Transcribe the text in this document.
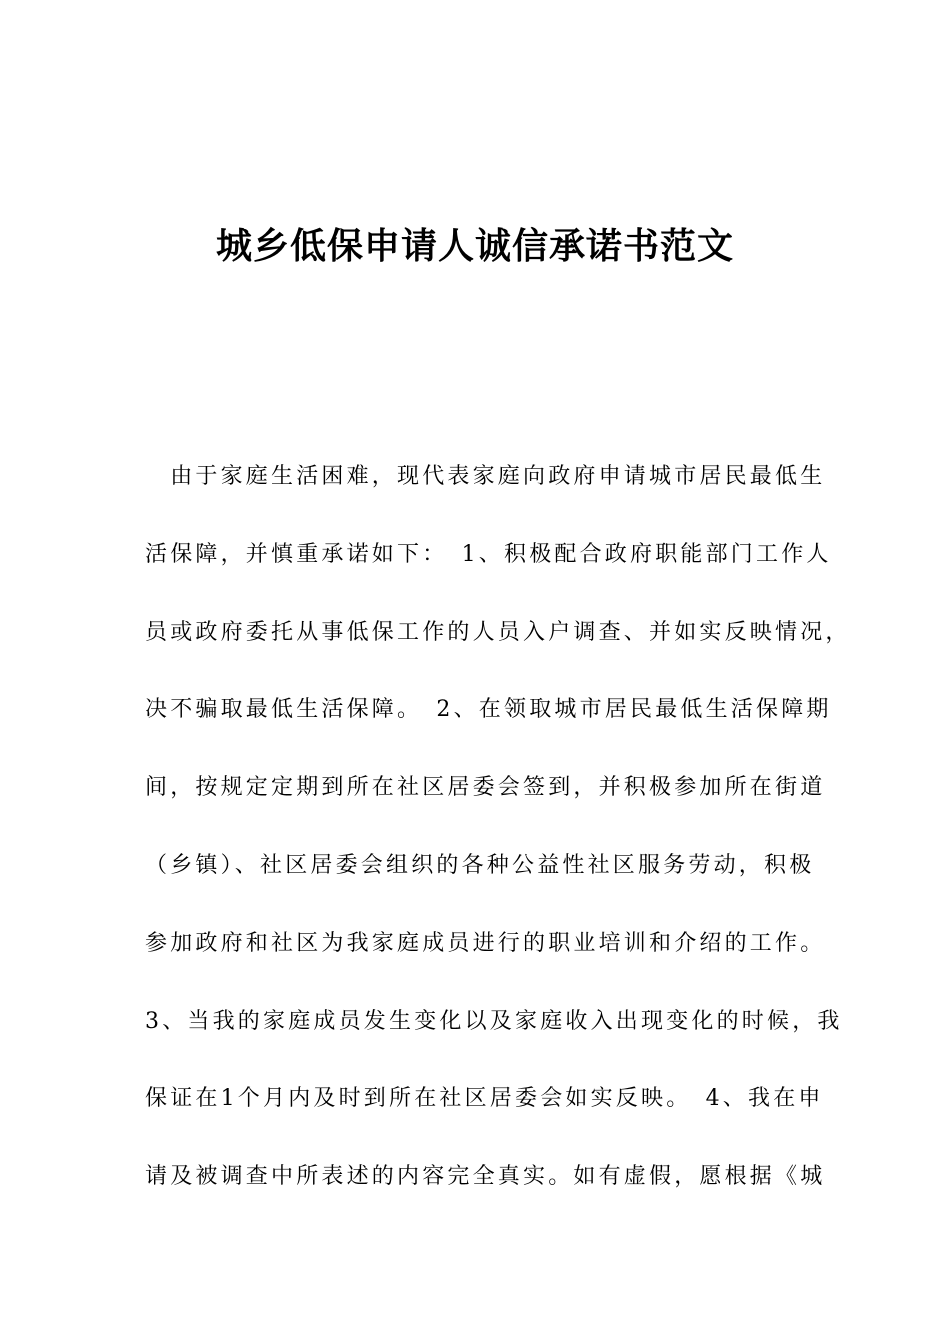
城乡低保申请人诚信承诺书范文
　由于家庭生活困难，现代表家庭向政府申请城市居民最低生
活保障，并慎重承诺如下：　1、积极配合政府职能部门工作人
员或政府委托从事低保工作的人员入户调查、并如实反映情况，
决不骗取最低生活保障。　2、在领取城市居民最低生活保障期
间，按规定定期到所在社区居委会签到，并积极参加所在街道
（乡镇）、社区居委会组织的各种公益性社区服务劳动，积极
参加政府和社区为我家庭成员进行的职业培训和介绍的工作。
3、当我的家庭成员发生变化以及家庭收入出现变化的时候，我
保证在1个月内及时到所在社区居委会如实反映。　4、我在申
请及被调查中所表述的内容完全真实。如有虚假，愿根据《城
